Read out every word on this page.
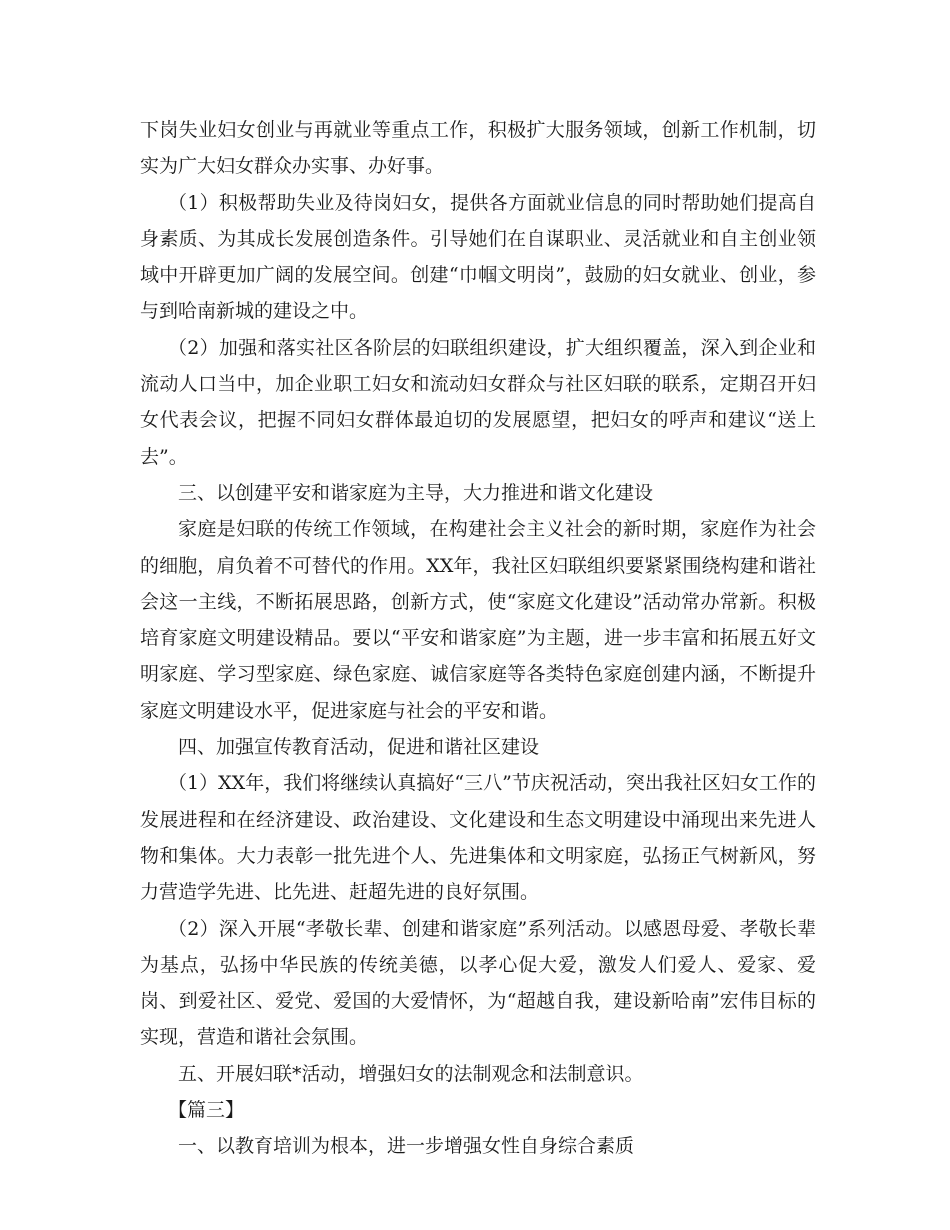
下岗失业妇女创业与再就业等重点工作，积极扩大服务领域，创新工作机制，切实为广大妇女群众办实事、办好事。

（1）积极帮助失业及待岗妇女，提供各方面就业信息的同时帮助她们提高自身素质、为其成长发展创造条件。引导她们在自谋职业、灵活就业和自主创业领域中开辟更加广阔的发展空间。创建“巾帼文明岗”，鼓励的妇女就业、创业，参与到哈南新城的建设之中。

（2）加强和落实社区各阶层的妇联组织建设，扩大组织覆盖，深入到企业和流动人口当中，加企业职工妇女和流动妇女群众与社区妇联的联系，定期召开妇女代表会议，把握不同妇女群体最迫切的发展愿望，把妇女的呼声和建议“送上去”。

三、以创建平安和谐家庭为主导，大力推进和谐文化建设

家庭是妇联的传统工作领域，在构建社会主义社会的新时期，家庭作为社会的细胞，肩负着不可替代的作用。XX年，我社区妇联组织要紧紧围绕构建和谐社会这一主线，不断拓展思路，创新方式，使“家庭文化建设”活动常办常新。积极培育家庭文明建设精品。要以“平安和谐家庭”为主题，进一步丰富和拓展五好文明家庭、学习型家庭、绿色家庭、诚信家庭等各类特色家庭创建内涵，不断提升家庭文明建设水平，促进家庭与社会的平安和谐。

四、加强宣传教育活动，促进和谐社区建设

（1）XX年，我们将继续认真搞好“三八”节庆祝活动，突出我社区妇女工作的发展进程和在经济建设、政治建设、文化建设和生态文明建设中涌现出来先进人物和集体。大力表彰一批先进个人、先进集体和文明家庭，弘扬正气树新风，努力营造学先进、比先进、赶超先进的良好氛围。

（2）深入开展“孝敬长辈、创建和谐家庭”系列活动。以感恩母爱、孝敬长辈为基点，弘扬中华民族的传统美德，以孝心促大爱，激发人们爱人、爱家、爱岗、到爱社区、爱党、爱国的大爱情怀，为“超越自我，建设新哈南”宏伟目标的实现，营造和谐社会氛围。

五、开展妇联*活动，增强妇女的法制观念和法制意识。

【篇三】

一、以教育培训为根本，进一步增强女性自身综合素质
